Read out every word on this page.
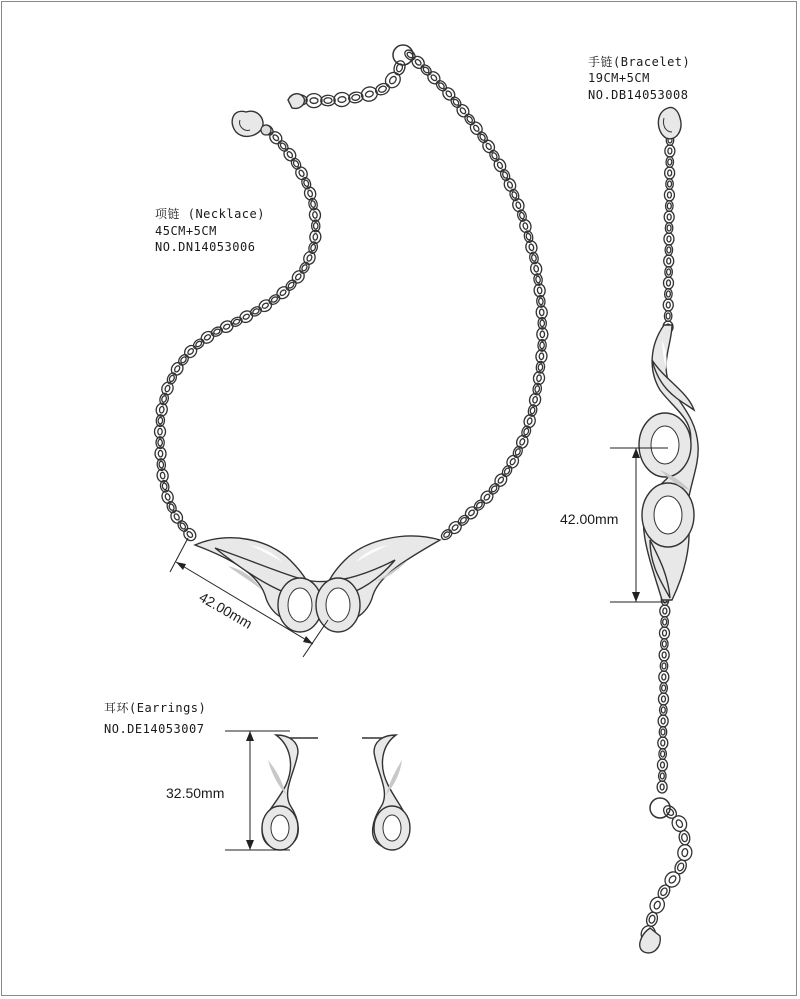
42.00mm
项链 (Necklace)
45CM+5CM
NO.DN14053006
42.00mm
手链(Bracelet)
19CM+5CM
NO.DB14053008
32.50mm
耳环(Earrings)
NO.DE14053007
